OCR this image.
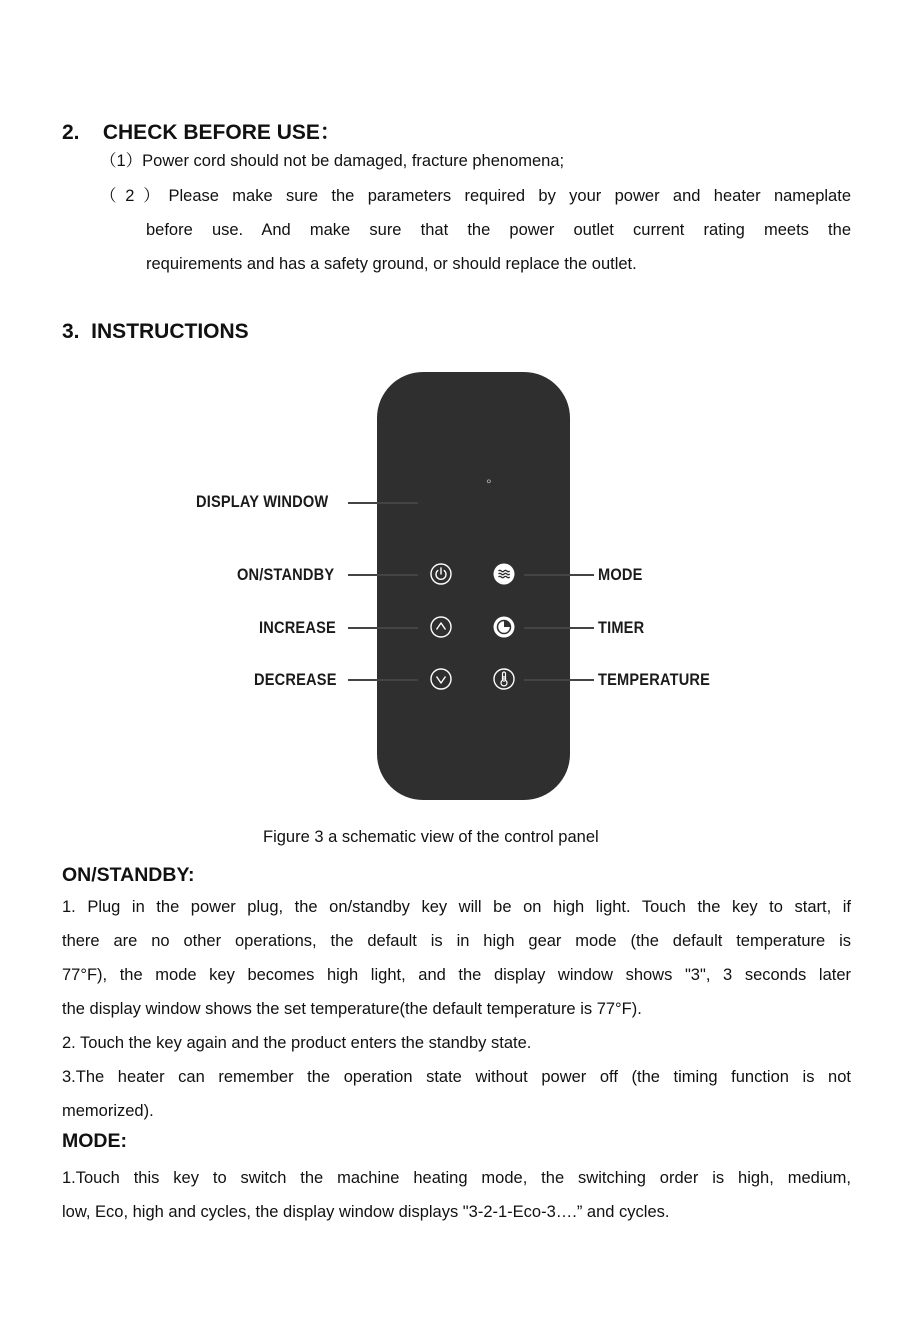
2.    CHECK BEFORE USE：
（1）Power cord should not be damaged, fracture phenomena;
（2）Please make sure the parameters required by your power and heater nameplate
before use. And make sure that the power outlet current rating meets the
requirements and has a safety ground, or should replace the outlet.
3.  INSTRUCTIONS
°
DISPLAY WINDOW
ON/STANDBY
INCREASE
DECREASE
MODE
TIMER
TEMPERATURE
Figure 3 a schematic view of the control panel
ON/STANDBY:
1. Plug in the power plug, the on/standby key will be on high light. Touch the key to start, if
there are no other operations, the default is in high gear mode (the default temperature is
77°F), the mode key becomes high light, and the display window shows "3", 3 seconds later
the display window shows the set temperature(the default temperature is 77°F).
2. Touch the key again and the product enters the standby state.
3.The heater can remember the operation state without power off (the timing function is not
memorized).
MODE:
1.Touch this key to switch the machine heating mode, the switching order is high, medium,
low, Eco, high and cycles, the display window displays "3-2-1-Eco-3….” and cycles.
